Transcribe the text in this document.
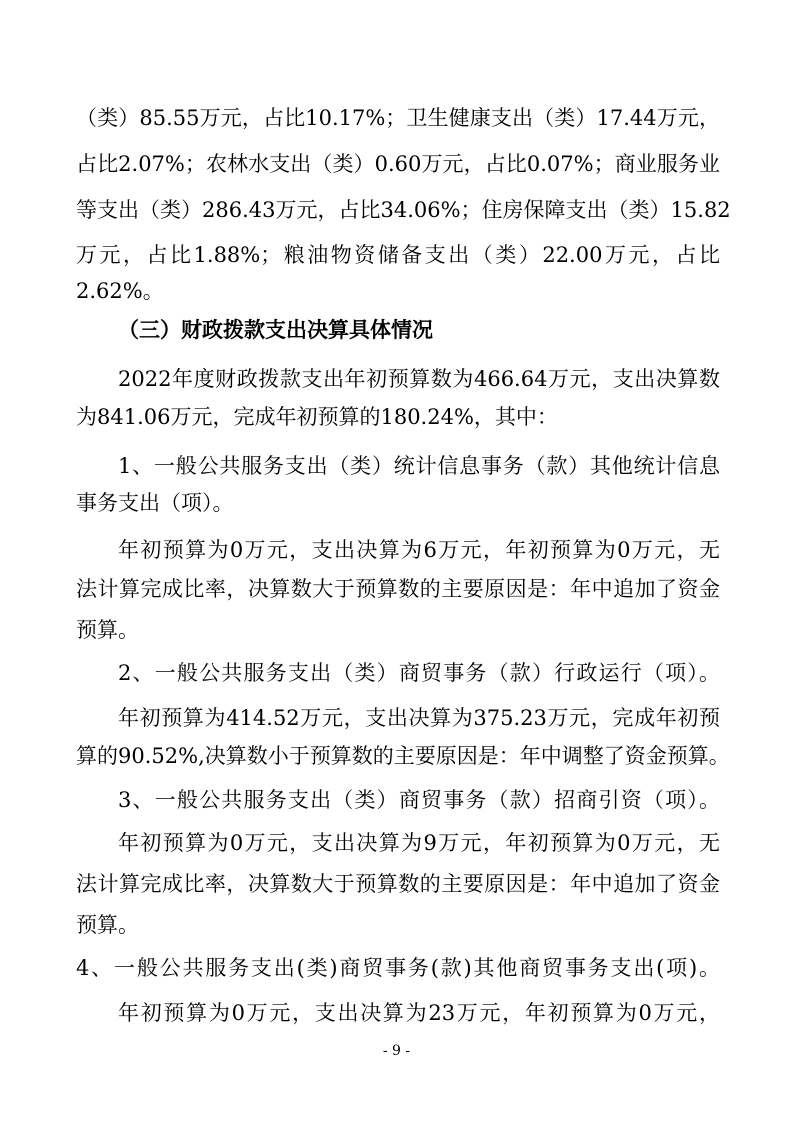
（类）85.55万元，占比10.17%；卫生健康支出（类）17.44万元，
占比2.07%；农林水支出（类）0.60万元，占比0.07%；商业服务业
等支出（类）286.43万元，占比34.06%；住房保障支出（类）15.82
万元，占比1.88%；粮油物资储备支出（类）22.00万元，占比
2.62%。
（三）财政拨款支出决算具体情况
2022年度财政拨款支出年初预算数为466.64万元，支出决算数
为841.06万元，完成年初预算的180.24%，其中：
1、一般公共服务支出（类）统计信息事务（款）其他统计信息
事务支出（项）。
年初预算为0万元，支出决算为6万元，年初预算为0万元，无
法计算完成比率，决算数大于预算数的主要原因是：年中追加了资金
预算。
2、一般公共服务支出（类）商贸事务（款）行政运行（项）。
年初预算为414.52万元，支出决算为375.23万元，完成年初预
算的90.52%,决算数小于预算数的主要原因是：年中调整了资金预算。
3、一般公共服务支出（类）商贸事务（款）招商引资（项）。
年初预算为0万元，支出决算为9万元，年初预算为0万元，无
法计算完成比率，决算数大于预算数的主要原因是：年中追加了资金
预算。
4、一般公共服务支出(类)商贸事务(款)其他商贸事务支出(项)。
年初预算为0万元，支出决算为23万元，年初预算为0万元，
- 9 -
